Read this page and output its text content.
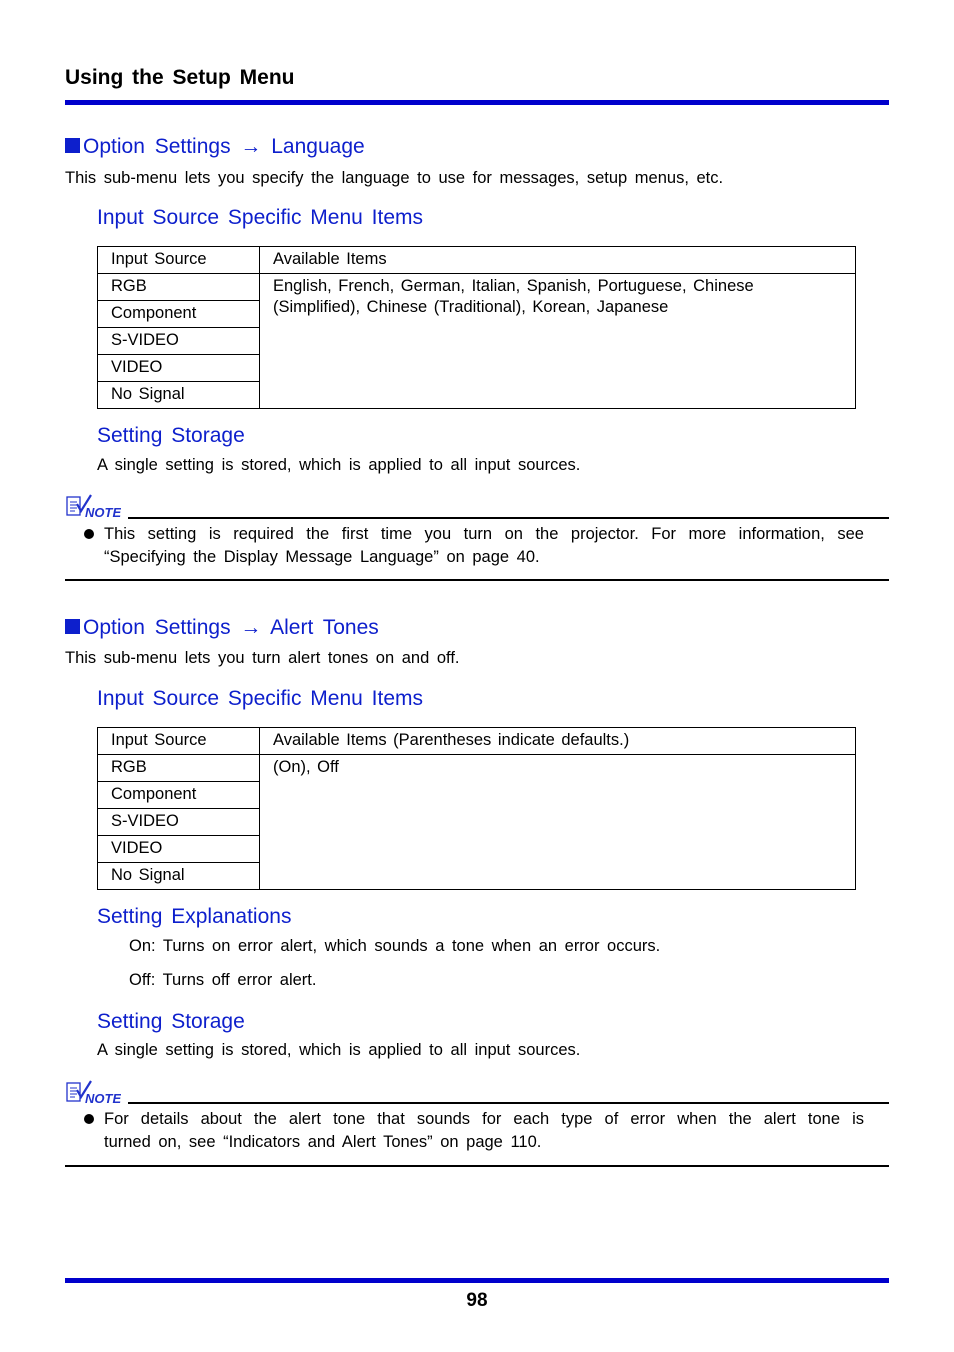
Using the Setup Menu
Option Settings → Language
This sub-menu lets you specify the language to use for messages, setup menus, etc.
Input Source Specific Menu Items
Input Source	Available Items
RGB	English, French, German, Italian, Spanish, Portuguese, Chinese
(Simplified), Chinese (Traditional), Korean, Japanese

Component	
S-VIDEO	
VIDEO	
No Signal	
Setting Storage
A single setting is stored, which is applied to all input sources.
NOTE
This setting is required the first time you turn on the projector. For more information, see
“Specifying the Display Message Language” on page 40.
Option Settings → Alert Tones
This sub-menu lets you turn alert tones on and off.
Input Source Specific Menu Items
Input Source	Available Items (Parentheses indicate defaults.)
RGB	(On), Off
Component	
S-VIDEO	
VIDEO	
No Signal	
Setting Explanations
On: Turns on error alert, which sounds a tone when an error occurs.
Off: Turns off error alert.
Setting Storage
A single setting is stored, which is applied to all input sources.
NOTE
For details about the alert tone that sounds for each type of error when the alert tone is
turned on, see “Indicators and Alert Tones” on page 110.
98
